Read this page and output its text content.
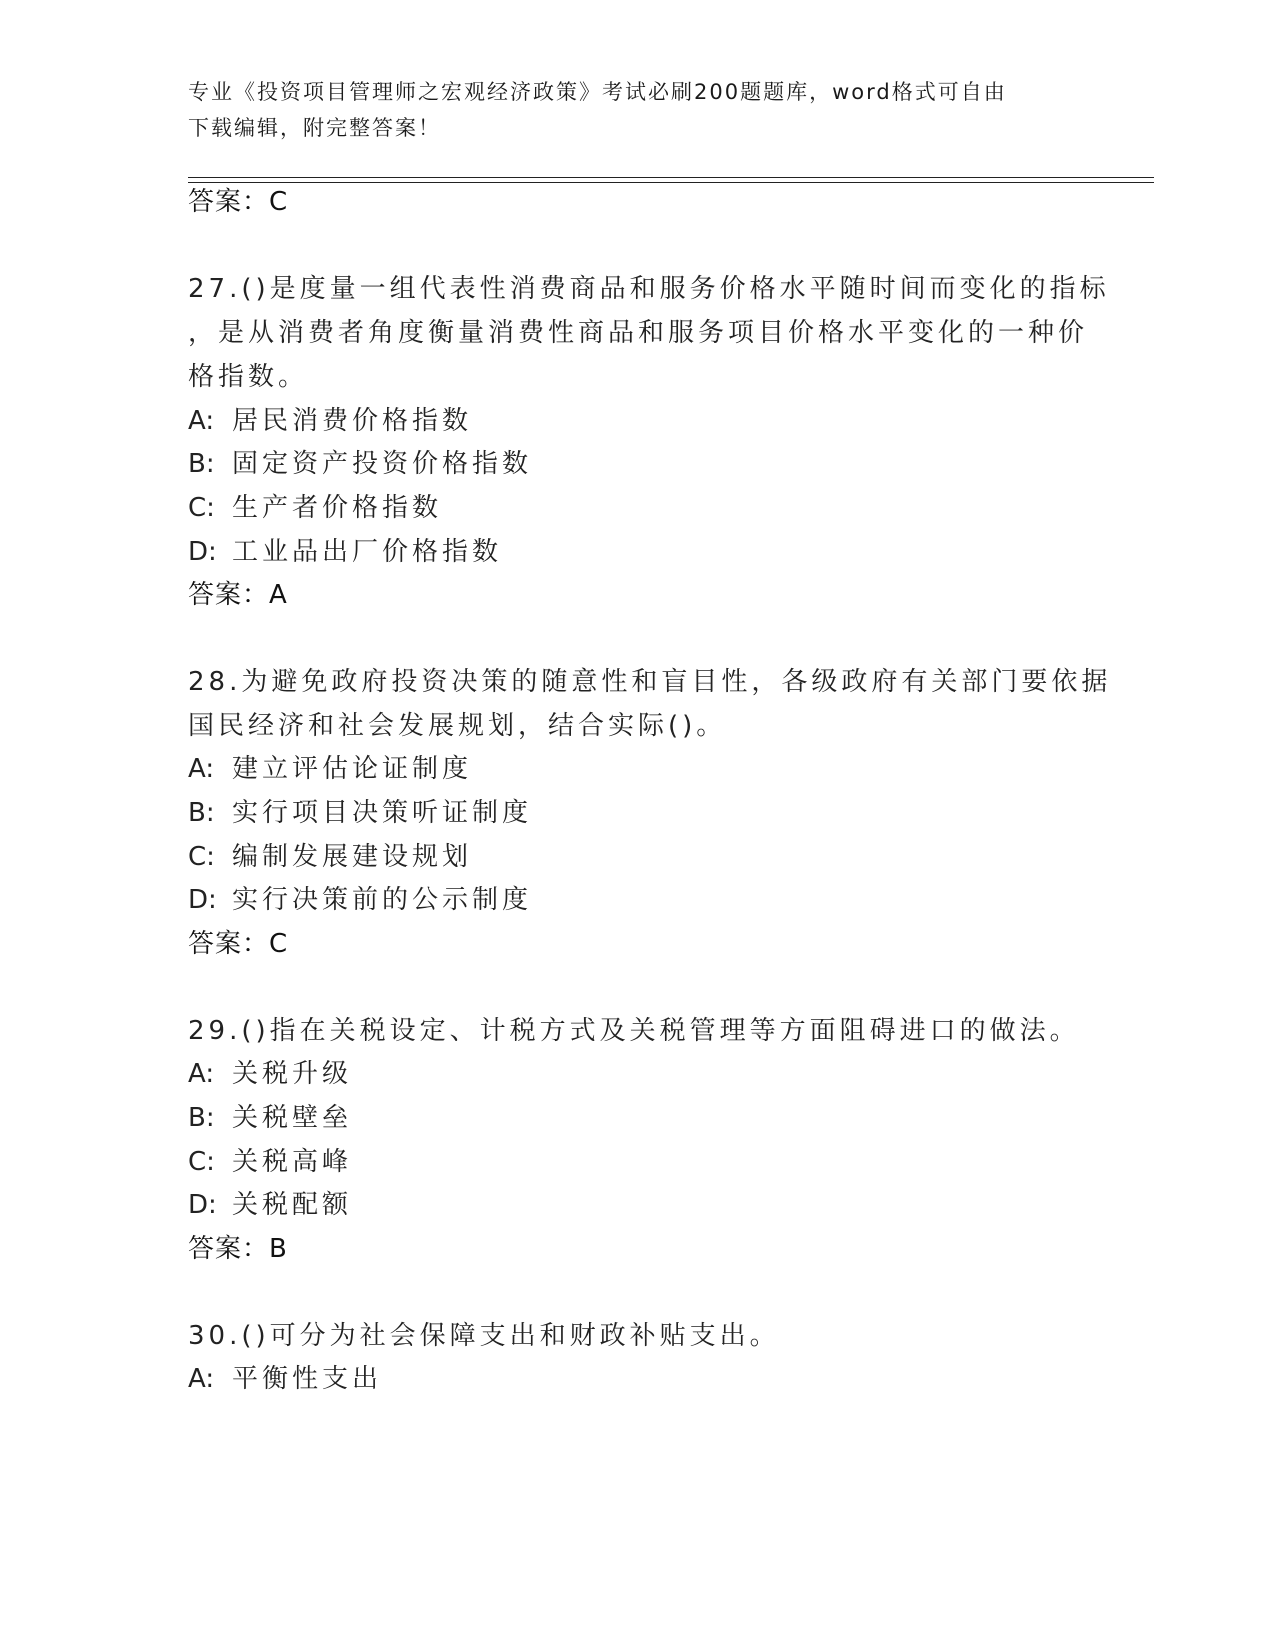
专业《投资项目管理师之宏观经济政策》考试必刷200题题库，word格式可自由
下载编辑，附完整答案！
答案：C
27.()是度量一组代表性消费商品和服务价格水平随时间而变化的指标
，是从消费者角度衡量消费性商品和服务项目价格水平变化的一种价
格指数。
A: 居民消费价格指数
B: 固定资产投资价格指数
C: 生产者价格指数
D: 工业品出厂价格指数
答案：A
28.为避免政府投资决策的随意性和盲目性，各级政府有关部门要依据
国民经济和社会发展规划，结合实际()。
A: 建立评估论证制度
B: 实行项目决策听证制度
C: 编制发展建设规划
D: 实行决策前的公示制度
答案：C
29.()指在关税设定、计税方式及关税管理等方面阻碍进口的做法。
A: 关税升级
B: 关税壁垒
C: 关税高峰
D: 关税配额
答案：B
30.()可分为社会保障支出和财政补贴支出。
A: 平衡性支出
